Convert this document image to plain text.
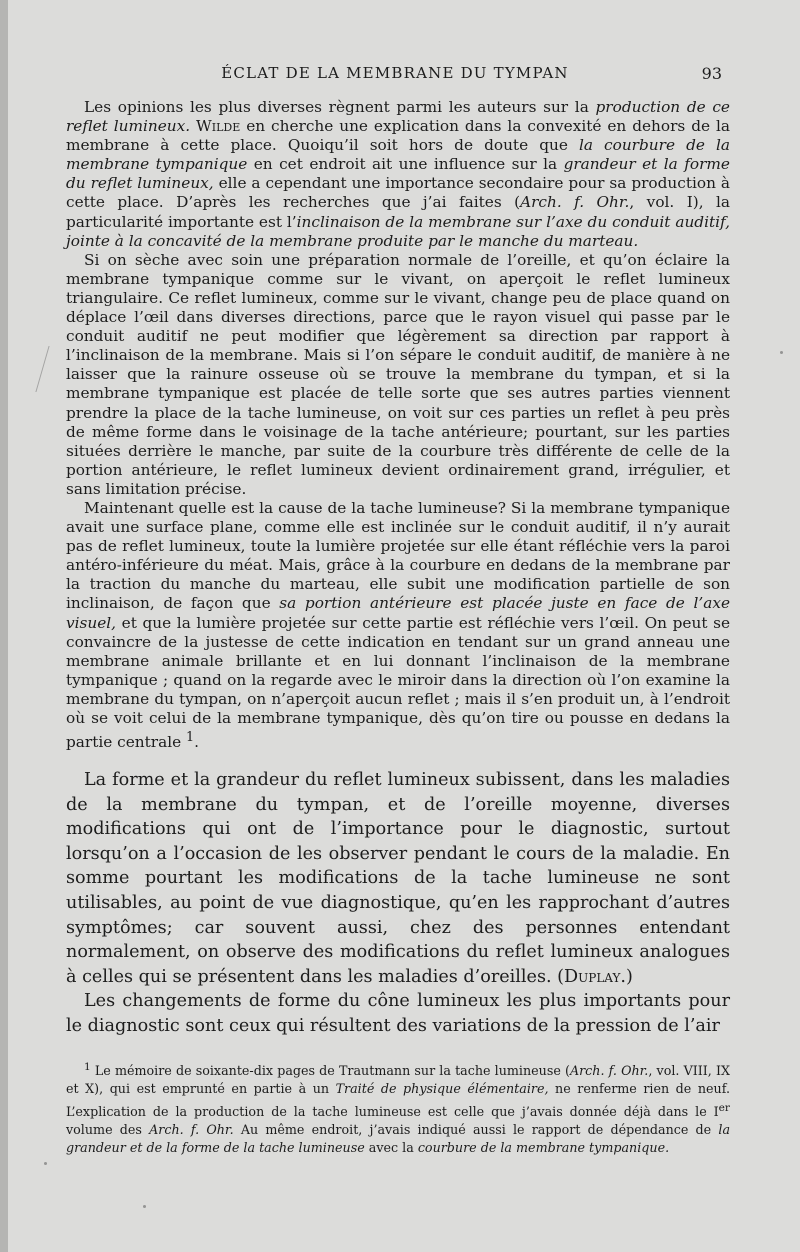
ÉCLAT DE LA MEMBRANE DU TYMPAN	93

Les opinions les plus diverses règnent parmi les auteurs sur la production de ce reflet lumineux. Wilde en cherche une explication dans la convexité en dehors de la membrane à cette place. Quoiqu’il soit hors de doute que la courbure de la membrane tympanique en cet endroit ait une influence sur la grandeur et la forme du reflet lumineux, elle a cependant une importance secondaire pour sa production à cette place. D’après les recherches que j’ai faites (Arch. f. Ohr., vol. I), la particularité importante est l’inclinaison de la membrane sur l’axe du conduit auditif, jointe à la concavité de la membrane produite par le manche du marteau.

Si on sèche avec soin une préparation normale de l’oreille, et qu’on éclaire la membrane tympanique comme sur le vivant, on aperçoit le reflet lumineux triangulaire. Ce reflet lumineux, comme sur le vivant, change peu de place quand on déplace l’œil dans diverses directions, parce que le rayon visuel qui passe par le conduit auditif ne peut modifier que légèrement sa direction par rapport à l’inclinaison de la membrane. Mais si l’on sépare le conduit auditif, de manière à ne laisser que la rainure osseuse où se trouve la membrane du tympan, et si la membrane tympanique est placée de telle sorte que ses autres parties viennent prendre la place de la tache lumineuse, on voit sur ces parties un reflet à peu près de même forme dans le voisinage de la tache antérieure; pourtant, sur les parties situées derrière le manche, par suite de la courbure très différente de celle de la portion antérieure, le reflet lumineux devient ordinairement grand, irrégulier, et sans limitation précise.

Maintenant quelle est la cause de la tache lumineuse? Si la membrane tympanique avait une surface plane, comme elle est inclinée sur le conduit auditif, il n’y aurait pas de reflet lumineux, toute la lumière projetée sur elle étant réfléchie vers la paroi antéro-inférieure du méat. Mais, grâce à la courbure en dedans de la membrane par la traction du manche du marteau, elle subit une modification partielle de son inclinaison, de façon que sa portion antérieure est placée juste en face de l’axe visuel, et que la lumière projetée sur cette partie est réfléchie vers l’œil. On peut se convaincre de la justesse de cette indication en tendant sur un grand anneau une membrane animale brillante et en lui donnant l’inclinaison de la membrane tympanique ; quand on la regarde avec le miroir dans la direction où l’on examine la membrane du tympan, on n’aperçoit aucun reflet ; mais il s’en produit un, à l’endroit où se voit celui de la membrane tympanique, dès qu’on tire ou pousse en dedans la partie centrale $^1$.

La forme et la grandeur du reflet lumineux subissent, dans les maladies de la membrane du tympan, et de l’oreille moyenne, diverses modifications qui ont de l’importance pour le diagnostic, surtout lorsqu’on a l’occasion de les observer pendant le cours de la maladie. En somme pourtant les modifications de la tache lumineuse ne sont utilisables, au point de vue diagnostique, qu’en les rapprochant d’autres symptômes; car souvent aussi, chez des personnes entendant normalement, on observe des modifications du reflet lumineux analogues à celles qui se présentent dans les maladies d’oreilles. (Duplay.)

Les changements de forme du cône lumineux les plus importants pour le diagnostic sont ceux qui résultent des variations de la pression de l’air

$^1$ Le mémoire de soixante-dix pages de Trautmann sur la tache lumineuse (Arch. f. Ohr., vol. VIII, IX et X), qui est emprunté en partie à un Traité de physique élémentaire, ne renferme rien de neuf. L’explication de la production de la tache lumineuse est celle que j’avais donnée déjà dans le Ier volume des Arch. f. Ohr. Au même endroit, j’avais indiqué aussi le rapport de dépendance de la grandeur et de la forme de la tache lumineuse avec la courbure de la membrane tympanique.
